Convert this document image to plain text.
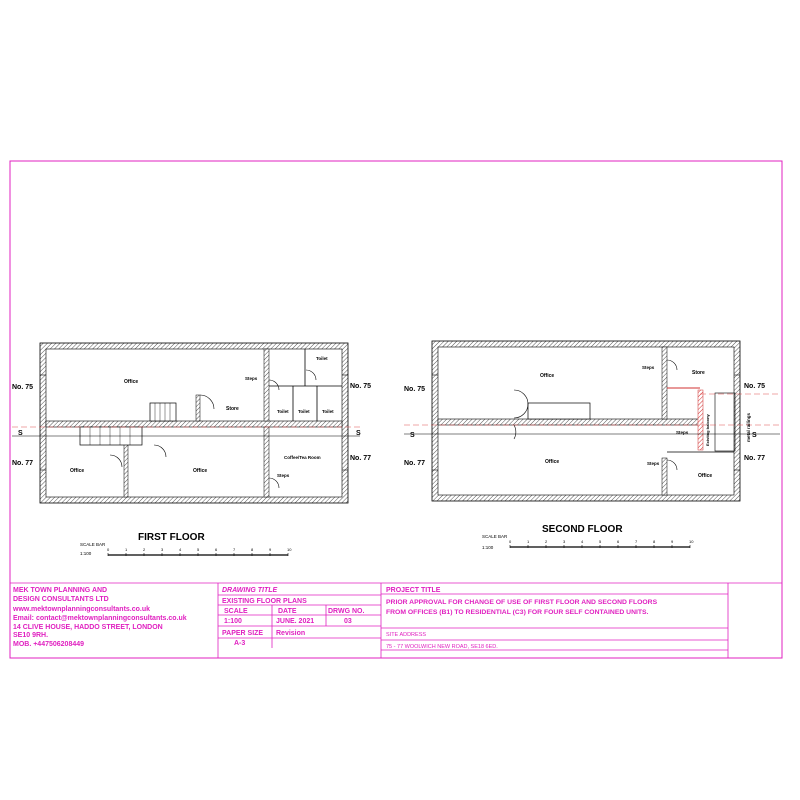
Office
Steps
Toilet
Toilet Toilet	Toilet
Store
Office	Office
Coffee/Tea Room
Steps
No. 75
No. 77
No. 75
No. 77
S	S
FIRST FLOOR
SCALE BAR
1:100
0	1	2	3	4	5	6	7	8	9	10
Office
Steps
Store
Office
Steps
Steps
Office
Existing balcony	metal railings
No. 75
No. 77
No. 75
No. 77
S	S
SECOND FLOOR
SCALE BAR
1:100
0	1	2	3	4	5	6	7	8	9	10
MEK TOWN PLANNING AND
DESIGN CONSULTANTS LTD
www.mektownplanningconsultants.co.uk
Email: contact@mektownplanningconsultants.co.uk
14 CLIVE HOUSE, HADDO STREET, LONDON
SE10 9RH.
MOB. +447506208449
DRAWING TITLE
EXISTING FLOOR PLANS
SCALE	DATE	DRWG NO.
1:100	JUNE. 2021	03
PAPER SIZE Revision
A-3
PROJECT TITLE
PRIOR APPROVAL FOR CHANGE OF USE OF FIRST FLOOR AND SECOND FLOORS
FROM OFFICES (B1) TO RESIDENTIAL (C3) FOR FOUR SELF CONTAINED UNITS.
SITE ADDRESS
75 - 77 WOOLWICH NEW ROAD, SE18 6ED.
